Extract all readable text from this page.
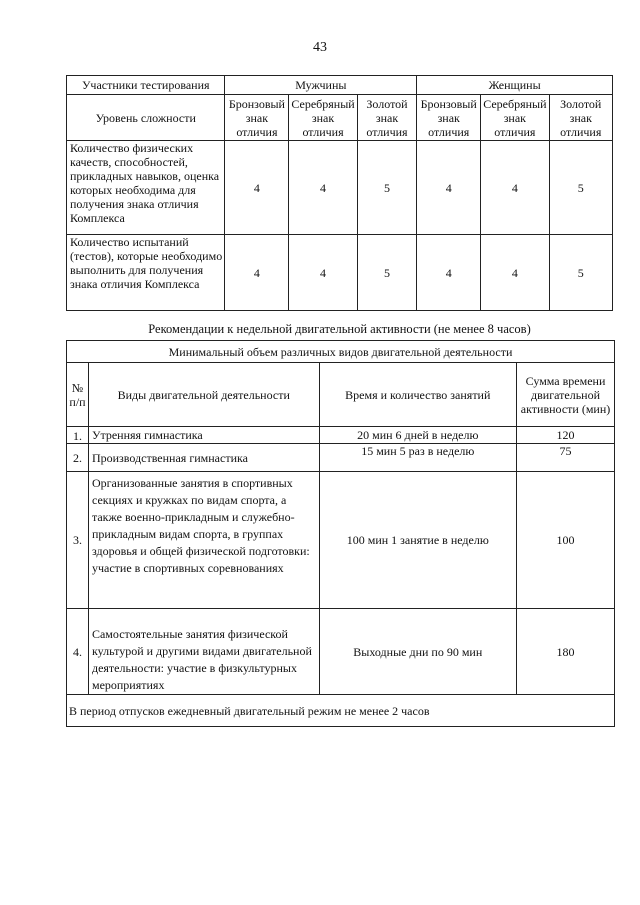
43
Участники тестирования	Мужчины			Женщины		
Уровень сложности	Бронзовый знак отличия	Серебряный знак отличия	Золотой знак отличия	Бронзовый знак отличия	Серебряный знак отличия	Золотой знак отличия
Количество физических качеств, способностей, прикладных навыков, оценка которых необходима для получения знака отличия Комплекса	4	4	5	4	4	5
Количество испытаний (тестов), которые необходимо выполнить для получения знака отличия Комплекса	4	4	5	4	4	5
Рекомендации к недельной двигательной активности (не менее 8 часов)
Минимальный объем различных видов двигательной деятельности			
№ п/п	Виды двигательной деятельности	Время и количество занятий	Сумма времени двигательной активности (мин)
1.	Утренняя гимнастика	20 мин 6 дней в неделю	120
2.	Производственная гимнастика	15 мин 5 раз в неделю	75
3.	Организованные занятия в спортивных секциях и кружках по видам спорта, а также военно-прикладным и служебно-прикладным видам спорта, в группах здоровья и общей физической подготовки: участие в спортивных соревнованиях	100 мин 1 занятие в неделю	100
4.	Самостоятельные занятия физической культурой и другими видами двигательной деятельности: участие в физкультурных мероприятиях	Выходные дни по 90 мин	180
В период отпусков ежедневный двигательный режим не менее 2 часов			
